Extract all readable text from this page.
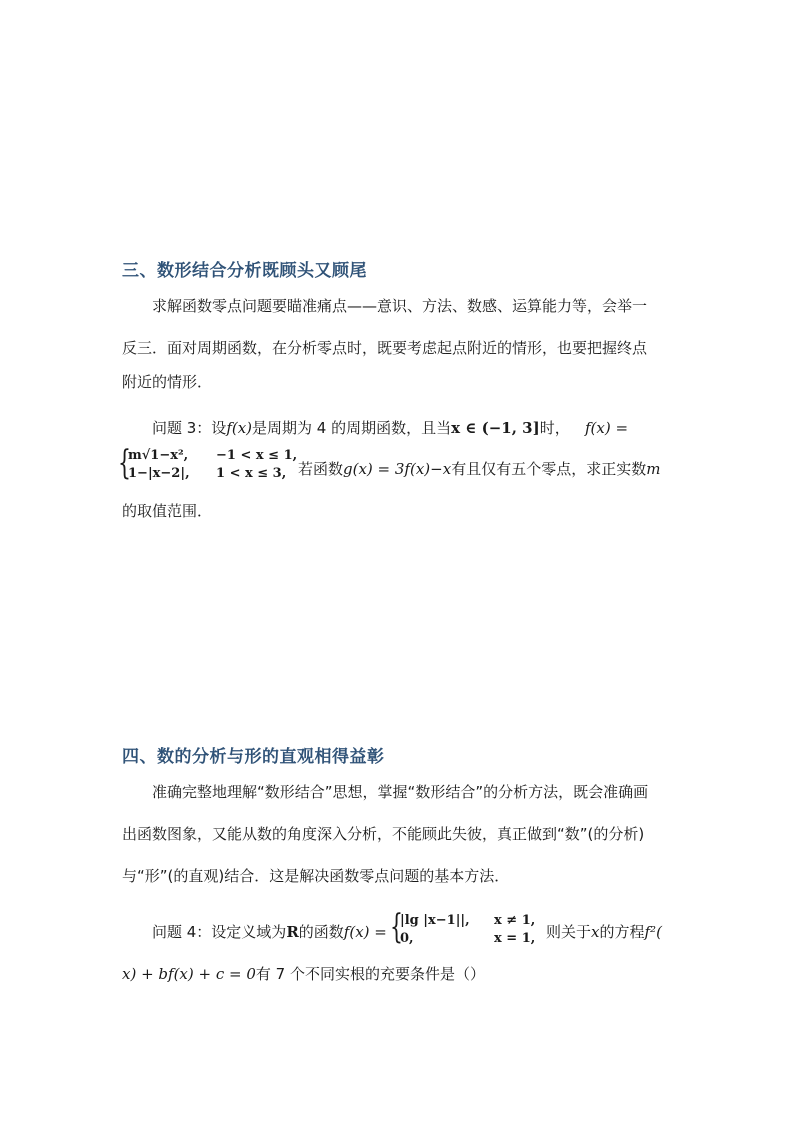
三、数形结合分析既顾头又顾尾
求解函数零点问题要瞄准痛点——意识、方法、数感、运算能力等，会举一
反三．面对周期函数，在分析零点时，既要考虑起点附近的情形，也要把握终点
附近的情形．
问题 3：设f(x)是周期为 4 的周期函数，且当x ∈ (−1, 3]时， f(x) =
{
m√1−x², −1 < x ≤ 1,
1−|x−2|, 1 < x ≤ 3, 若函数g(x) = 3f(x)−x有且仅有五个零点，求正实数m
的取值范围．
四、数的分析与形的直观相得益彰
准确完整地理解“数形结合”思想，掌握“数形结合”的分析方法，既会准确画
出函数图象，又能从数的角度深入分析，不能顾此失彼，真正做到“数”(的分析)
与“形”(的直观)结合．这是解决函数零点问题的基本方法．
问题 4：设定义域为R的函数f(x) = {
|lg |x−1||, x ≠ 1,
0,	x = 1, 则关于x的方程f²(
x) + bf(x) + c = 0有 7 个不同实根的充要条件是（）
